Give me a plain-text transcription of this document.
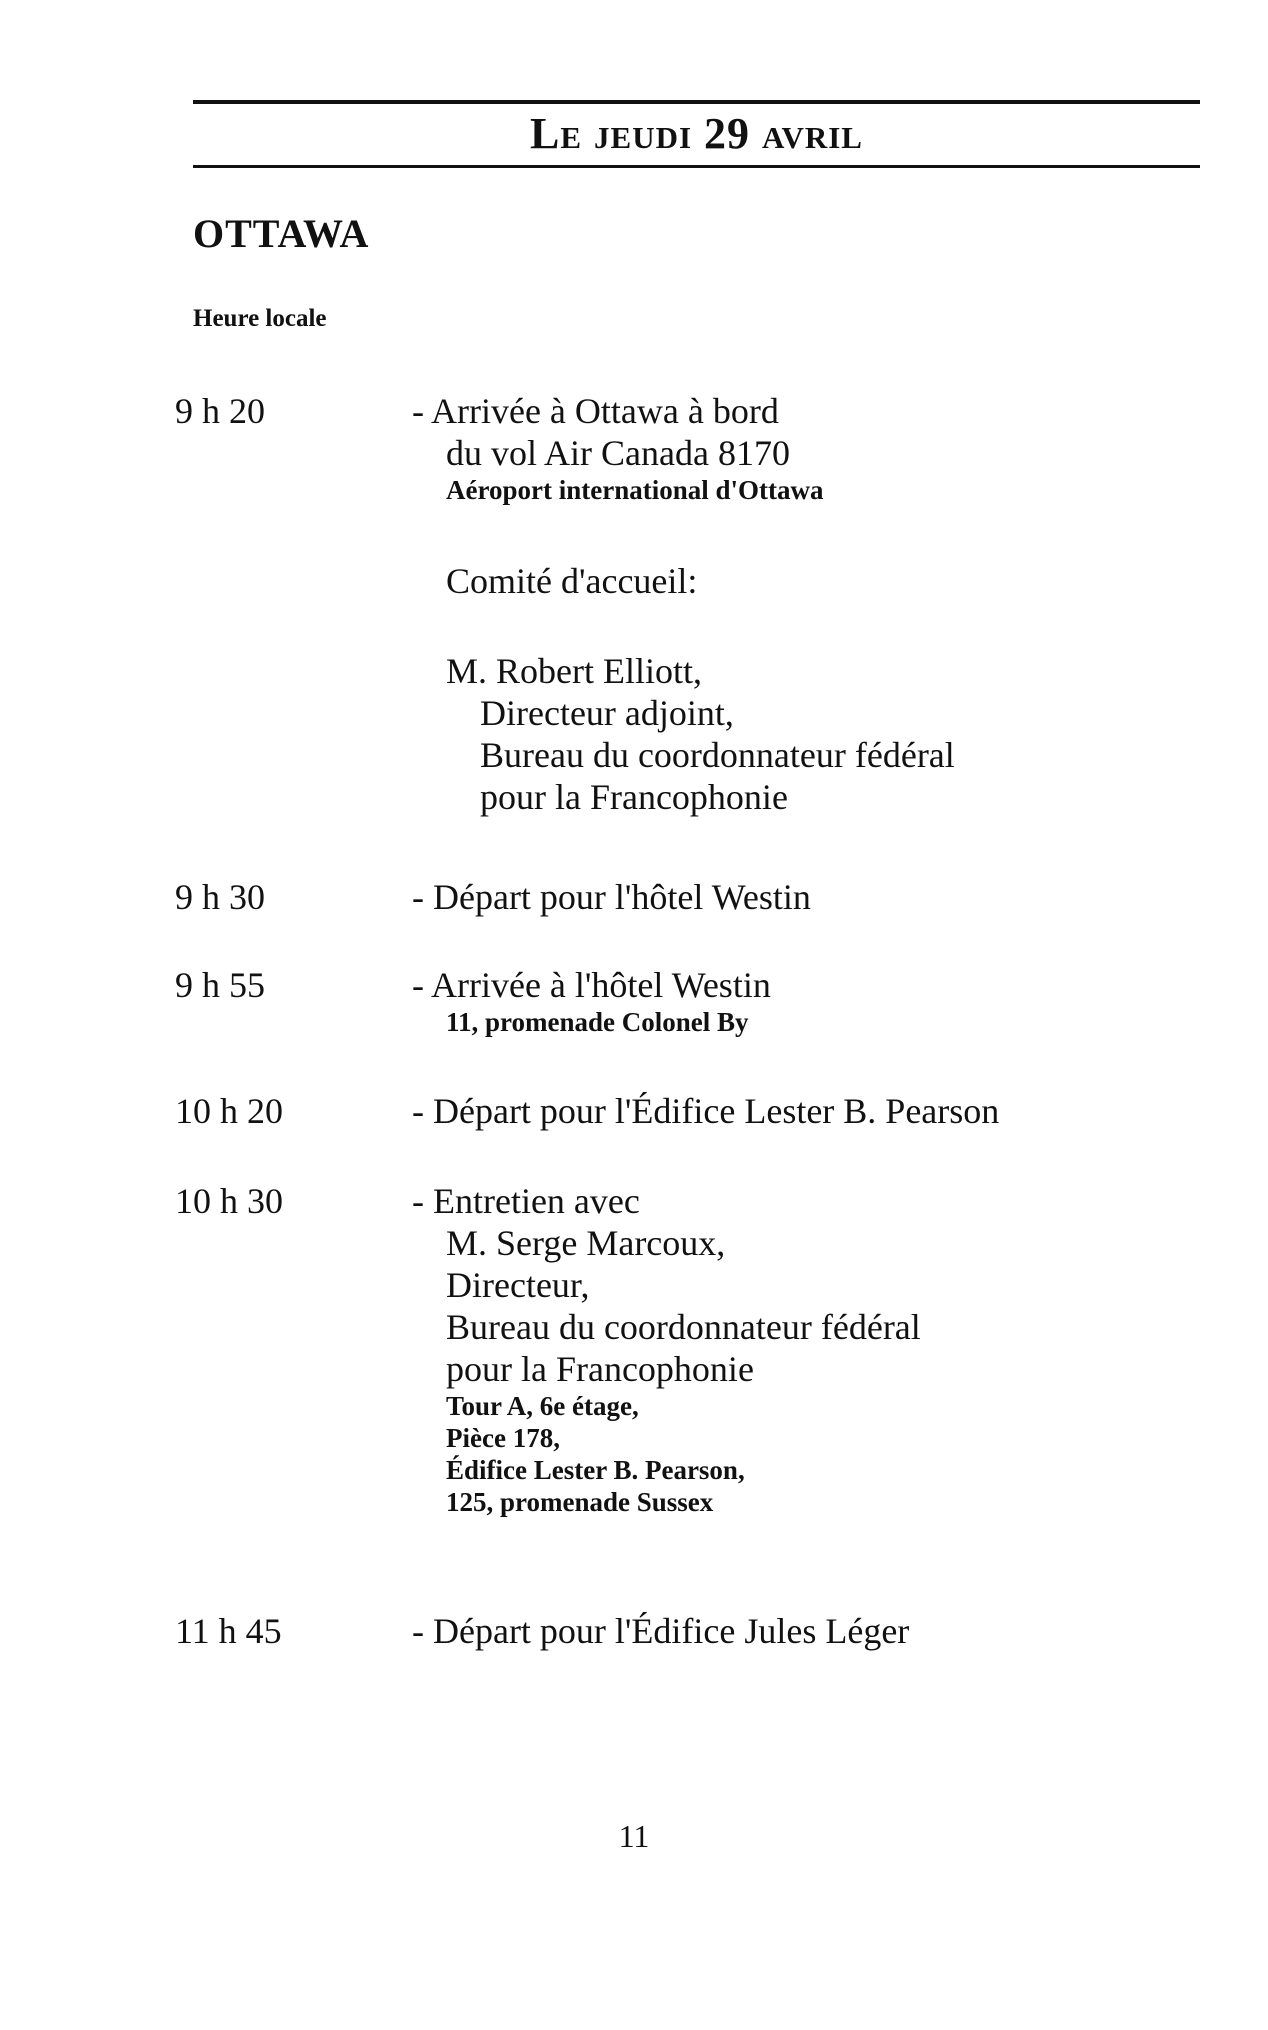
Le jeudi 29 avril
OTTAWA
Heure locale
9 h 20	- Arrivée à Ottawa à bord
du vol Air Canada 8170
Aéroport international d'Ottawa
Comité d'accueil:
M. Robert Elliott,
Directeur adjoint,
Bureau du coordonnateur fédéral
pour la Francophonie
9 h 30	- Départ pour l'hôtel Westin
9 h 55	- Arrivée à l'hôtel Westin
11, promenade Colonel By
10 h 20	- Départ pour l'Édifice Lester B. Pearson
10 h 30	- Entretien avec
M. Serge Marcoux,
Directeur,
Bureau du coordonnateur fédéral
pour la Francophonie
Tour A, 6e étage,
Pièce 178,
Édifice Lester B. Pearson,
125, promenade Sussex
11 h 45	- Départ pour l'Édifice Jules Léger
11
